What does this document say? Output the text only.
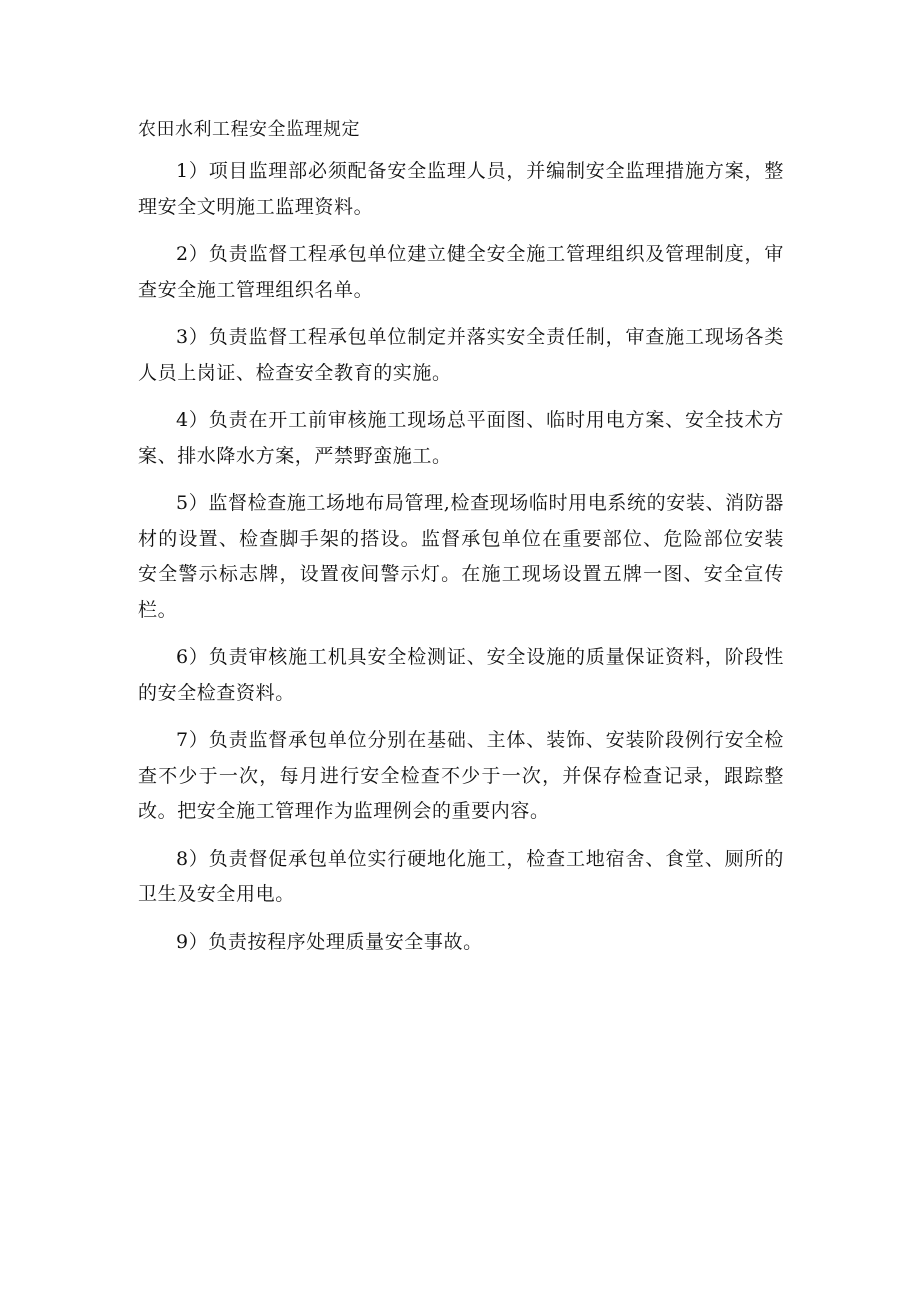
农田水利工程安全监理规定

1）项目监理部必须配备安全监理人员，并编制安全监理措施方案，整理安全文明施工监理资料。

2）负责监督工程承包单位建立健全安全施工管理组织及管理制度，审查安全施工管理组织名单。

3）负责监督工程承包单位制定并落实安全责任制，审查施工现场各类人员上岗证、检查安全教育的实施。

4）负责在开工前审核施工现场总平面图、临时用电方案、安全技术方案、排水降水方案，严禁野蛮施工。

5）监督检查施工场地布局管理,检查现场临时用电系统的安装、消防器材的设置、检查脚手架的搭设。监督承包单位在重要部位、危险部位安装安全警示标志牌，设置夜间警示灯。在施工现场设置五牌一图、安全宣传栏。

6）负责审核施工机具安全检测证、安全设施的质量保证资料，阶段性的安全检查资料。

7）负责监督承包单位分别在基础、主体、装饰、安装阶段例行安全检查不少于一次，每月进行安全检查不少于一次，并保存检查记录，跟踪整改。把安全施工管理作为监理例会的重要内容。

8）负责督促承包单位实行硬地化施工，检查工地宿舍、食堂、厕所的卫生及安全用电。

9）负责按程序处理质量安全事故。
